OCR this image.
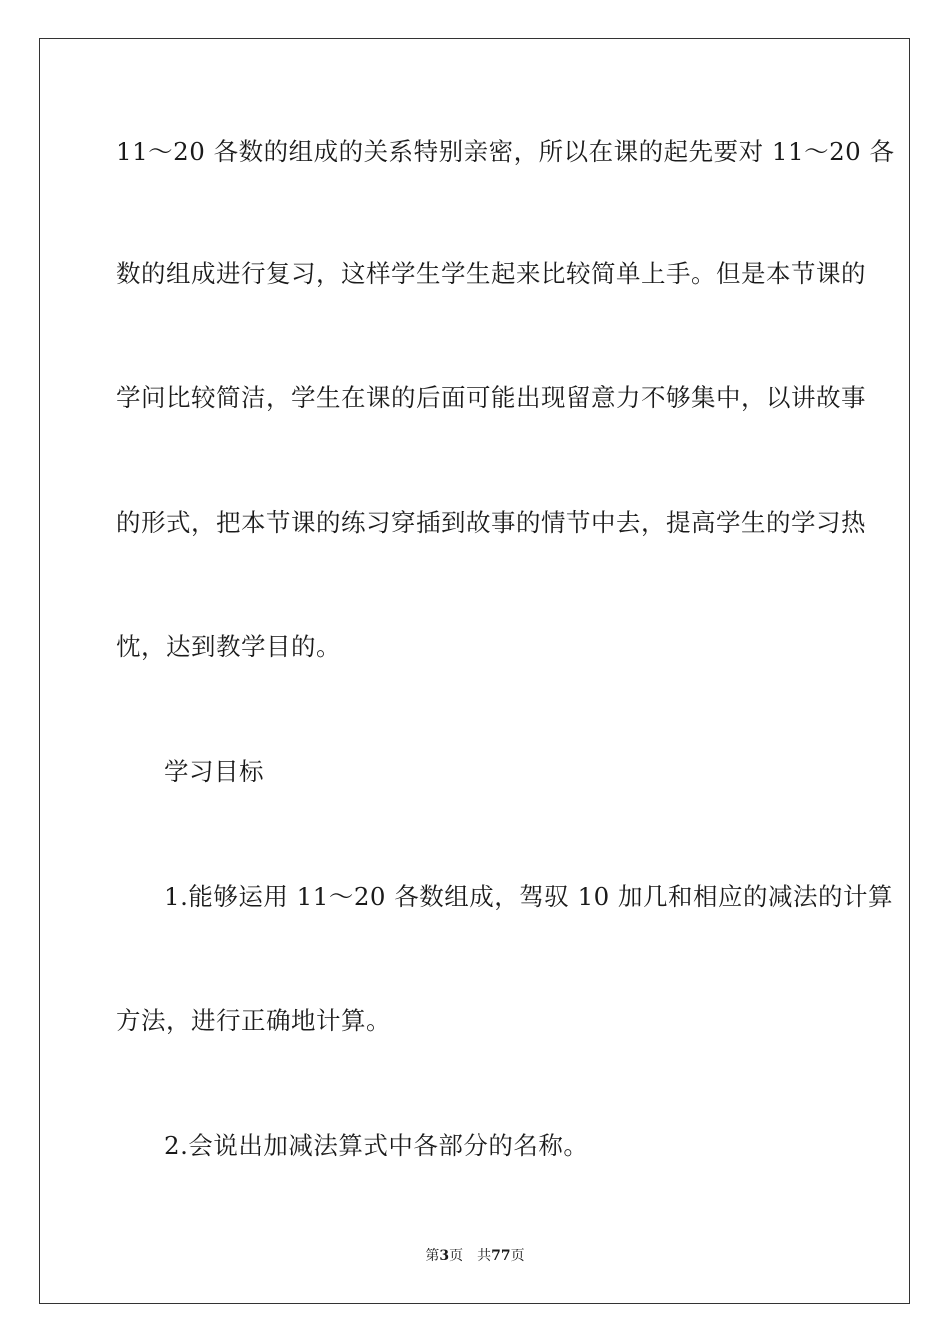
11～20 各数的组成的关系特别亲密，所以在课的起先要对 11～20 各
数的组成进行复习，这样学生学生起来比较简单上手。但是本节课的
学问比较简洁，学生在课的后面可能出现留意力不够集中，以讲故事
的形式，把本节课的练习穿插到故事的情节中去，提高学生的学习热
忱，达到教学目的。
学习目标
1.能够运用 11～20 各数组成，驾驭 10 加几和相应的减法的计算
方法，进行正确地计算。
2.会说出加减法算式中各部分的名称。
第3页 共77页
